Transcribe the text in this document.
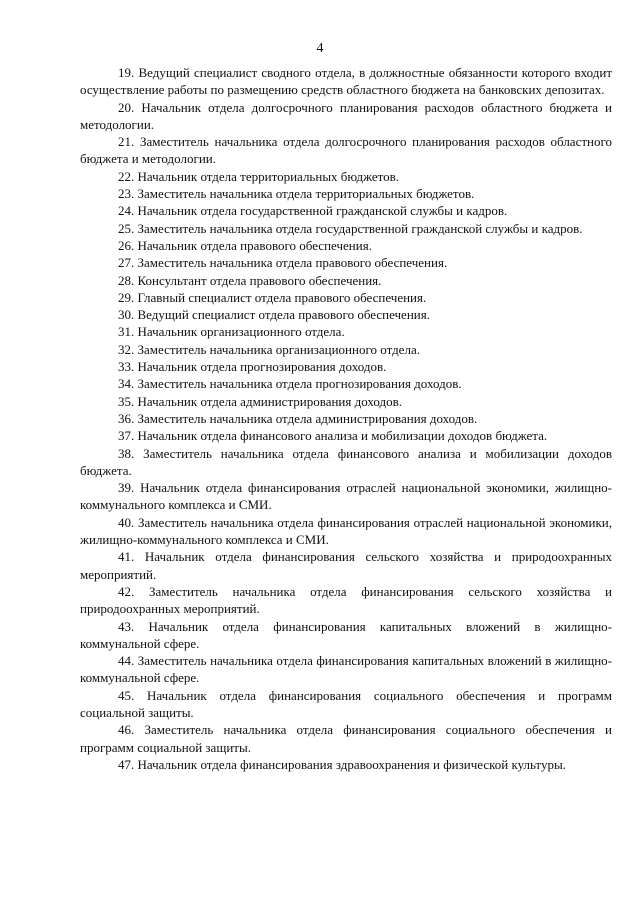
4

19. Ведущий специалист сводного отдела, в должностные обязанности которого входит осуществление работы по размещению средств областного бюджета на банковских депозитах.

20. Начальник отдела долгосрочного планирования расходов областного бюджета и методологии.

21. Заместитель начальника отдела долгосрочного планирования расходов областного бюджета и методологии.

22. Начальник отдела территориальных бюджетов.

23. Заместитель начальника отдела территориальных бюджетов.

24. Начальник отдела государственной гражданской службы и кадров.

25. Заместитель начальника отдела государственной гражданской службы и кадров.

26. Начальник отдела правового обеспечения.

27. Заместитель начальника отдела правового обеспечения.

28. Консультант отдела правового обеспечения.

29. Главный специалист отдела правового обеспечения.

30. Ведущий специалист отдела правового обеспечения.

31. Начальник организационного отдела.

32. Заместитель начальника организационного отдела.

33. Начальник отдела прогнозирования доходов.

34. Заместитель начальника отдела прогнозирования доходов.

35. Начальник отдела администрирования доходов.

36. Заместитель начальника отдела администрирования доходов.

37. Начальник отдела финансового анализа и мобилизации доходов бюджета.

38. Заместитель начальника отдела финансового анализа и мобилизации доходов бюджета.

39. Начальник отдела финансирования отраслей национальной экономики, жилищно-коммунального комплекса и СМИ.

40. Заместитель начальника отдела финансирования отраслей национальной экономики, жилищно-коммунального комплекса и СМИ.

41. Начальник отдела финансирования сельского хозяйства и природоохранных мероприятий.

42. Заместитель начальника отдела финансирования сельского хозяйства и природоохранных мероприятий.

43. Начальник отдела финансирования капитальных вложений в жилищно-коммунальной сфере.

44. Заместитель начальника отдела финансирования капитальных вложений в жилищно-коммунальной сфере.

45. Начальник отдела финансирования социального обеспечения и программ социальной защиты.

46. Заместитель начальника отдела финансирования социального обеспечения и программ социальной защиты.

47. Начальник отдела финансирования здравоохранения и физической культуры.
